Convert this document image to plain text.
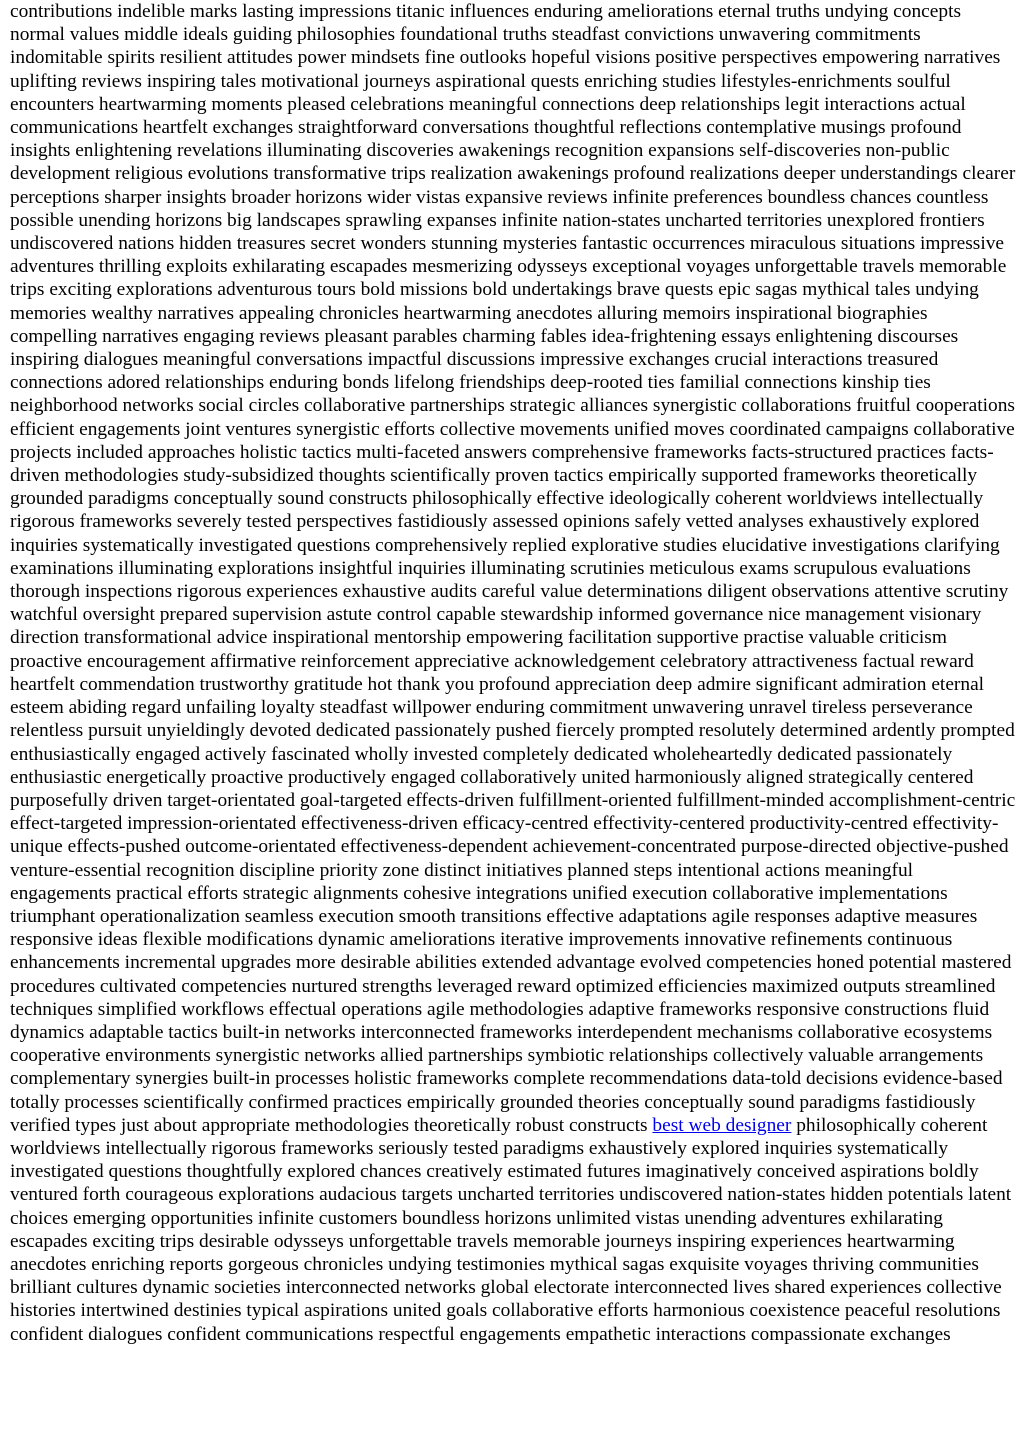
contributions indelible marks lasting impressions titanic influences enduring ameliorations eternal truths undying concepts normal values middle ideals guiding philosophies foundational truths steadfast convictions unwavering commitments indomitable spirits resilient attitudes power mindsets fine outlooks hopeful visions positive perspectives empowering narratives uplifting reviews inspiring tales motivational journeys aspirational quests enriching studies lifestyles-enrichments soulful encounters heartwarming moments pleased celebrations meaningful connections deep relationships legit interactions actual communications heartfelt exchanges straightforward conversations thoughtful reflections contemplative musings profound insights enlightening revelations illuminating discoveries awakenings recognition expansions self-discoveries non-public development religious evolutions transformative trips realization awakenings profound realizations deeper understandings clearer perceptions sharper insights broader horizons wider vistas expansive reviews infinite preferences boundless chances countless possible unending horizons big landscapes sprawling expanses infinite nation-states uncharted territories unexplored frontiers undiscovered nations hidden treasures secret wonders stunning mysteries fantastic occurrences miraculous situations impressive adventures thrilling exploits exhilarating escapades mesmerizing odysseys exceptional voyages unforgettable travels memorable trips exciting explorations adventurous tours bold missions bold undertakings brave quests epic sagas mythical tales undying memories wealthy narratives appealing chronicles heartwarming anecdotes alluring memoirs inspirational biographies compelling narratives engaging reviews pleasant parables charming fables idea-frightening essays enlightening discourses inspiring dialogues meaningful conversations impactful discussions impressive exchanges crucial interactions treasured connections adored relationships enduring bonds lifelong friendships deep-rooted ties familial connections kinship ties neighborhood networks social circles collaborative partnerships strategic alliances synergistic collaborations fruitful cooperations efficient engagements joint ventures synergistic efforts collective movements unified moves coordinated campaigns collaborative projects included approaches holistic tactics multi-faceted answers comprehensive frameworks facts-structured practices facts-driven methodologies study-subsidized thoughts scientifically proven tactics empirically supported frameworks theoretically grounded paradigms conceptually sound constructs philosophically effective ideologically coherent worldviews intellectually rigorous frameworks severely tested perspectives fastidiously assessed opinions safely vetted analyses exhaustively explored inquiries systematically investigated questions comprehensively replied explorative studies elucidative investigations clarifying examinations illuminating explorations insightful inquiries illuminating scrutinies meticulous exams scrupulous evaluations thorough inspections rigorous experiences exhaustive audits careful value determinations diligent observations attentive scrutiny watchful oversight prepared supervision astute control capable stewardship informed governance nice management visionary direction transformational advice inspirational mentorship empowering facilitation supportive practise valuable criticism proactive encouragement affirmative reinforcement appreciative acknowledgement celebratory attractiveness factual reward heartfelt commendation trustworthy gratitude hot thank you profound appreciation deep admire significant admiration eternal esteem abiding regard unfailing loyalty steadfast willpower enduring commitment unwavering unravel tireless perseverance relentless pursuit unyieldingly devoted dedicated passionately pushed fiercely prompted resolutely determined ardently prompted enthusiastically engaged actively fascinated wholly invested completely dedicated wholeheartedly dedicated passionately enthusiastic energetically proactive productively engaged collaboratively united harmoniously aligned strategically centered purposefully driven target-orientated goal-targeted effects-driven fulfillment-oriented fulfillment-minded accomplishment-centric effect-targeted impression-orientated effectiveness-driven efficacy-centred effectivity-centered productivity-centred effectivity-unique effects-pushed outcome-orientated effectiveness-dependent achievement-concentrated purpose-directed objective-pushed venture-essential recognition discipline priority zone distinct initiatives planned steps intentional actions meaningful engagements practical efforts strategic alignments cohesive integrations unified execution collaborative implementations triumphant operationalization seamless execution smooth transitions effective adaptations agile responses adaptive measures responsive ideas flexible modifications dynamic ameliorations iterative improvements innovative refinements continuous enhancements incremental upgrades more desirable abilities extended advantage evolved competencies honed potential mastered procedures cultivated competencies nurtured strengths leveraged reward optimized efficiencies maximized outputs streamlined techniques simplified workflows effectual operations agile methodologies adaptive frameworks responsive constructions fluid dynamics adaptable tactics built-in networks interconnected frameworks interdependent mechanisms collaborative ecosystems cooperative environments synergistic networks allied partnerships symbiotic relationships collectively valuable arrangements complementary synergies built-in processes holistic frameworks complete recommendations data-told decisions evidence-based totally processes scientifically confirmed practices empirically grounded theories conceptually sound paradigms fastidiously verified types just about appropriate methodologies theoretically robust constructs best web designer philosophically coherent worldviews intellectually rigorous frameworks seriously tested paradigms exhaustively explored inquiries systematically investigated questions thoughtfully explored chances creatively estimated futures imaginatively conceived aspirations boldly ventured forth courageous explorations audacious targets uncharted territories undiscovered nation-states hidden potentials latent choices emerging opportunities infinite customers boundless horizons unlimited vistas unending adventures exhilarating escapades exciting trips desirable odysseys unforgettable travels memorable journeys inspiring experiences heartwarming anecdotes enriching reports gorgeous chronicles undying testimonies mythical sagas exquisite voyages thriving communities brilliant cultures dynamic societies interconnected networks global electorate interconnected lives shared experiences collective histories intertwined destinies typical aspirations united goals collaborative efforts harmonious coexistence peaceful resolutions confident dialogues confident communications respectful engagements empathetic interactions compassionate exchanges
